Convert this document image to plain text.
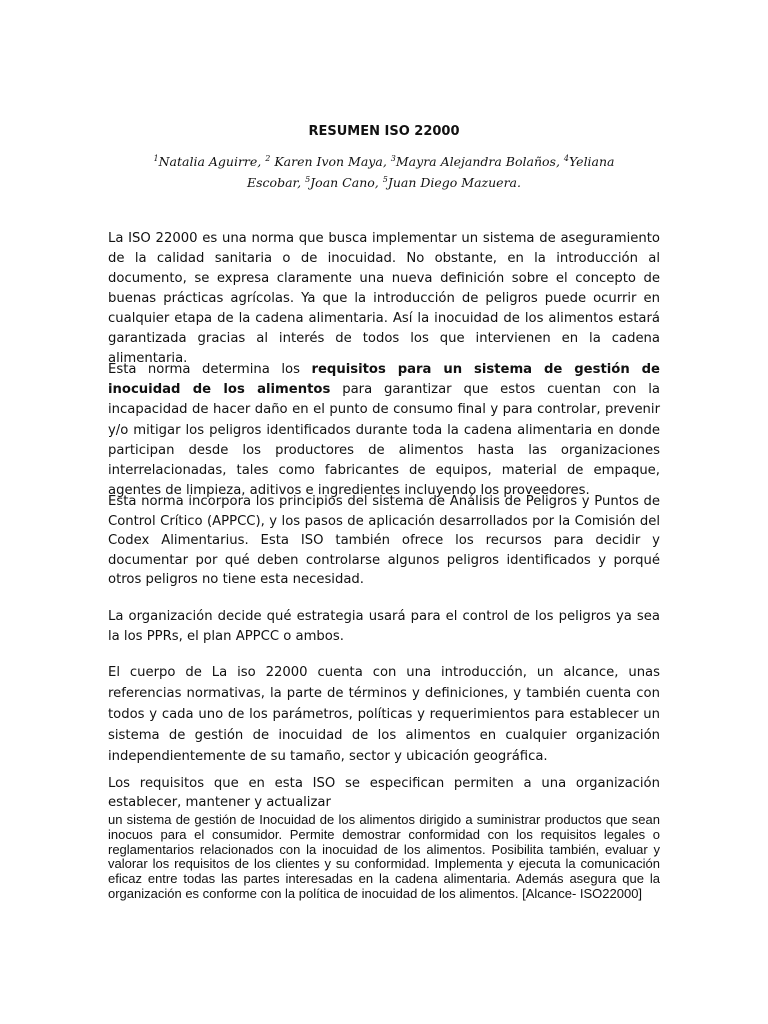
RESUMEN ISO 22000
$^1$Natalia Aguirre, $^2$ Karen Ivon Maya, $^3$Mayra Alejandra Bolaños, $^4$Yeliana Escobar, $^5$Joan Cano, $^5$Juan Diego Mazuera.

La ISO 22000 es una norma que busca implementar un sistema de aseguramiento de la calidad sanitaria o de inocuidad. No obstante, en la introducción al documento, se expresa claramente una nueva definición sobre el concepto de buenas prácticas agrícolas. Ya que la introducción de peligros puede ocurrir en cualquier etapa de la cadena alimentaria. Así la inocuidad de los alimentos estará garantizada gracias al interés de todos los que intervienen en la cadena alimentaria.

Esta norma determina los requisitos para un sistema de gestión de inocuidad de los alimentos para garantizar que estos cuentan con la incapacidad de hacer daño en el punto de consumo final y para controlar, prevenir y/o mitigar los peligros identificados durante toda la cadena alimentaria en donde participan desde los productores de alimentos hasta las organizaciones interrelacionadas, tales como fabricantes de equipos, material de empaque, agentes de limpieza, aditivos e ingredientes incluyendo los proveedores.

Esta norma incorpora los principios del sistema de Análisis de Peligros y Puntos de Control Crítico (APPCC), y los pasos de aplicación desarrollados por la Comisión del Codex Alimentarius. Esta ISO también ofrece los recursos para decidir y documentar por qué deben controlarse algunos peligros identificados y porqué otros peligros no tiene esta necesidad.

La organización decide qué estrategia usará para el control de los peligros ya sea la los PPRs, el plan APPCC o ambos.

El cuerpo de La iso 22000 cuenta con una introducción, un alcance, unas referencias normativas, la parte de términos y definiciones, y también cuenta con todos y cada uno de los parámetros, políticas y requerimientos para establecer un sistema de gestión de inocuidad de los alimentos en cualquier organización independientemente de su tamaño, sector y ubicación geográfica.

Los requisitos que en esta ISO se especifican permiten a una organización establecer, mantener y actualizar

un sistema de gestión de Inocuidad de los alimentos dirigido a suministrar productos que sean inocuos para el consumidor. Permite demostrar conformidad con los requisitos legales o reglamentarios relacionados con la inocuidad de los alimentos. Posibilita también, evaluar y valorar los requisitos de los clientes y su conformidad. Implementa y ejecuta la comunicación eficaz entre todas las partes interesadas en la cadena alimentaria. Además asegura que la organización es conforme con la política de inocuidad de los alimentos. [Alcance- ISO22000]
